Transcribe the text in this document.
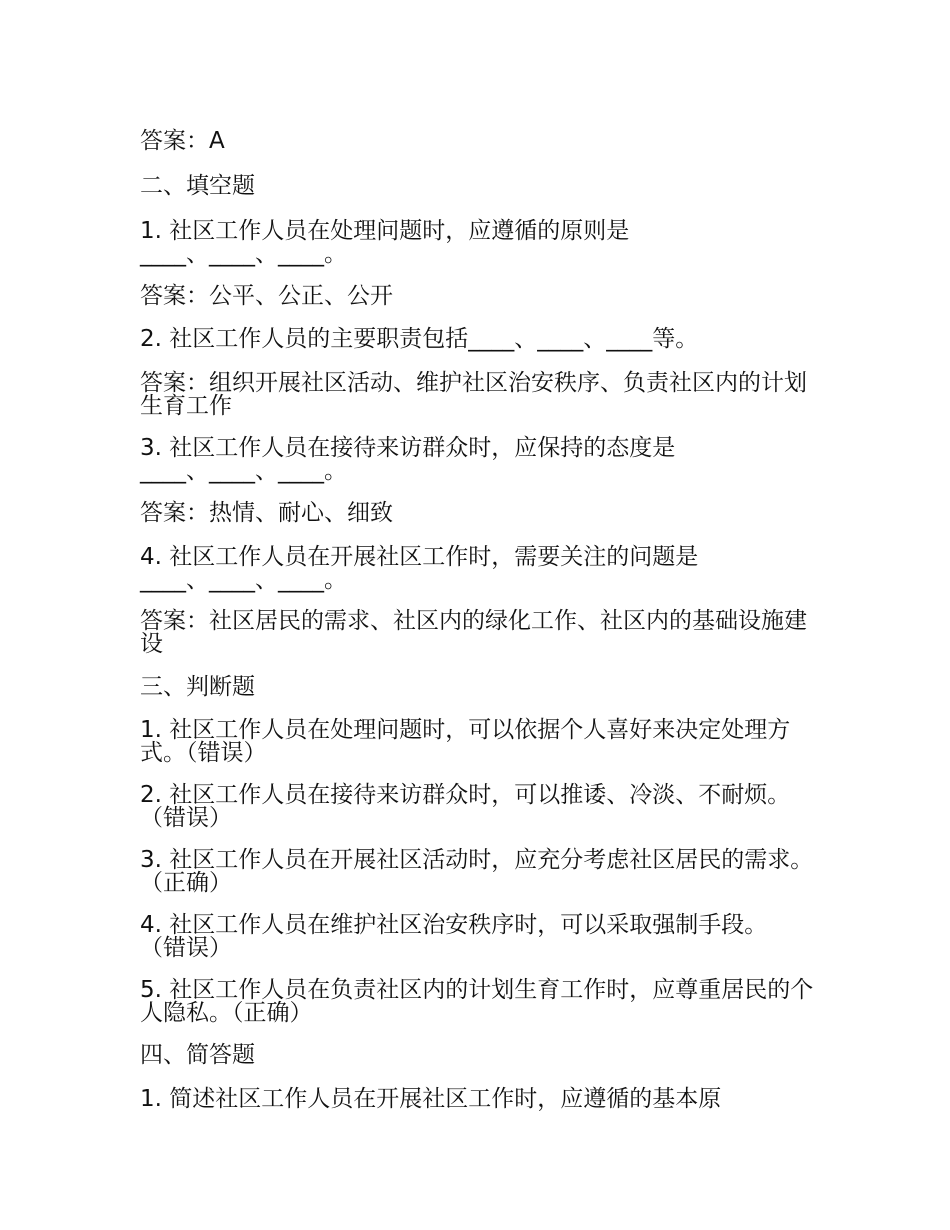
答案：A

二、填空题

1. 社区工作人员在处理问题时，应遵循的原则是____、____、____。

答案：公平、公正、公开

2. 社区工作人员的主要职责包括____、____、____等。

答案：组织开展社区活动、维护社区治安秩序、负责社区内的计划生育工作

3. 社区工作人员在接待来访群众时，应保持的态度是____、____、____。

答案：热情、耐心、细致

4. 社区工作人员在开展社区工作时，需要关注的问题是____、____、____。

答案：社区居民的需求、社区内的绿化工作、社区内的基础设施建设

三、判断题

1. 社区工作人员在处理问题时，可以依据个人喜好来决定处理方式。（错误）

2. 社区工作人员在接待来访群众时，可以推诿、冷淡、不耐烦。（错误）

3. 社区工作人员在开展社区活动时，应充分考虑社区居民的需求。（正确）

4. 社区工作人员在维护社区治安秩序时，可以采取强制手段。（错误）

5. 社区工作人员在负责社区内的计划生育工作时，应尊重居民的个人隐私。（正确）

四、简答题

1. 简述社区工作人员在开展社区工作时，应遵循的基本原
